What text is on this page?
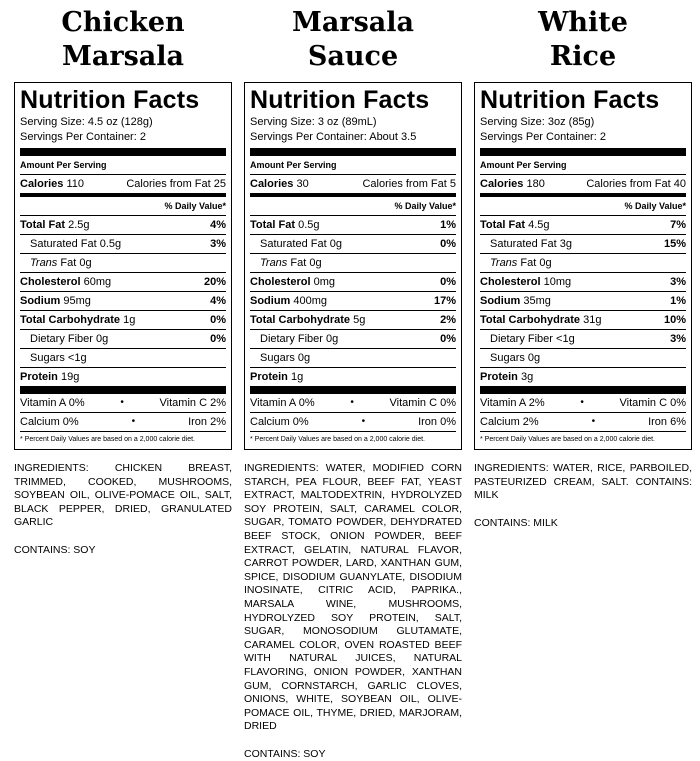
Chicken
Marsala
Nutrition Facts
Serving Size: 4.5 oz (128g)
Servings Per Container: 2
Amount Per Serving
Calories 110	Calories from Fat 25
% Daily Value*
Total Fat 2.5g	4%
Saturated Fat 0.5g	3%
Trans Fat 0g
Cholesterol 60mg	20%
Sodium 95mg	4%
Total Carbohydrate 1g	0%
Dietary Fiber 0g	0%
Sugars <1g
Protein 19g
Vitamin A 0%	•	Vitamin C 2%
Calcium 0%	•	Iron 2%
* Percent Daily Values are based on a 2,000 calorie diet.
INGREDIENTS: CHICKEN BREAST, TRIMMED, COOKED, MUSHROOMS, SOYBEAN OIL, OLIVE-POMACE OIL, SALT, BLACK PEPPER, DRIED, GRANULATED GARLIC
CONTAINS: SOY
Marsala
Sauce
Nutrition Facts
Serving Size: 3 oz (89mL)
Servings Per Container: About 3.5
Amount Per Serving
Calories 30	Calories from Fat 5
% Daily Value*
Total Fat 0.5g	1%
Saturated Fat 0g	0%
Trans Fat 0g
Cholesterol 0mg	0%
Sodium 400mg	17%
Total Carbohydrate 5g	2%
Dietary Fiber 0g	0%
Sugars 0g
Protein 1g
Vitamin A 0%	•	Vitamin C 0%
Calcium 0%	•	Iron 0%
* Percent Daily Values are based on a 2,000 calorie diet.
INGREDIENTS: WATER, MODIFIED CORN STARCH, PEA FLOUR, BEEF FAT, YEAST EXTRACT, MALTODEXTRIN, HYDROLYZED SOY PROTEIN, SALT, CARAMEL COLOR, SUGAR, TOMATO POWDER, DEHYDRATED BEEF STOCK, ONION POWDER, BEEF EXTRACT, GELATIN, NATURAL FLAVOR, CARROT POWDER, LARD, XANTHAN GUM, SPICE, DISODIUM GUANYLATE, DISODIUM INOSINATE, CITRIC ACID, PAPRIKA., MARSALA WINE, MUSHROOMS, HYDROLYZED SOY PROTEIN, SALT, SUGAR, MONOSODIUM GLUTAMATE, CARAMEL COLOR, OVEN ROASTED BEEF WITH NATURAL JUICES, NATURAL FLAVORING, ONION POWDER, XANTHAN GUM, CORNSTARCH, GARLIC CLOVES, ONIONS, WHITE, SOYBEAN OIL, OLIVE-POMACE OIL, THYME, DRIED, MARJORAM, DRIED
CONTAINS: SOY
White
Rice
Nutrition Facts
Serving Size: 3oz (85g)
Servings Per Container: 2
Amount Per Serving
Calories 180	Calories from Fat 40
% Daily Value*
Total Fat 4.5g	7%
Saturated Fat 3g	15%
Trans Fat 0g
Cholesterol 10mg	3%
Sodium 35mg	1%
Total Carbohydrate 31g	10%
Dietary Fiber <1g	3%
Sugars 0g
Protein 3g
Vitamin A 2%	•	Vitamin C 0%
Calcium 2%	•	Iron 6%
* Percent Daily Values are based on a 2,000 calorie diet.
INGREDIENTS: WATER, RICE, PARBOILED, PASTEURIZED CREAM, SALT. CONTAINS: MILK
CONTAINS: MILK
